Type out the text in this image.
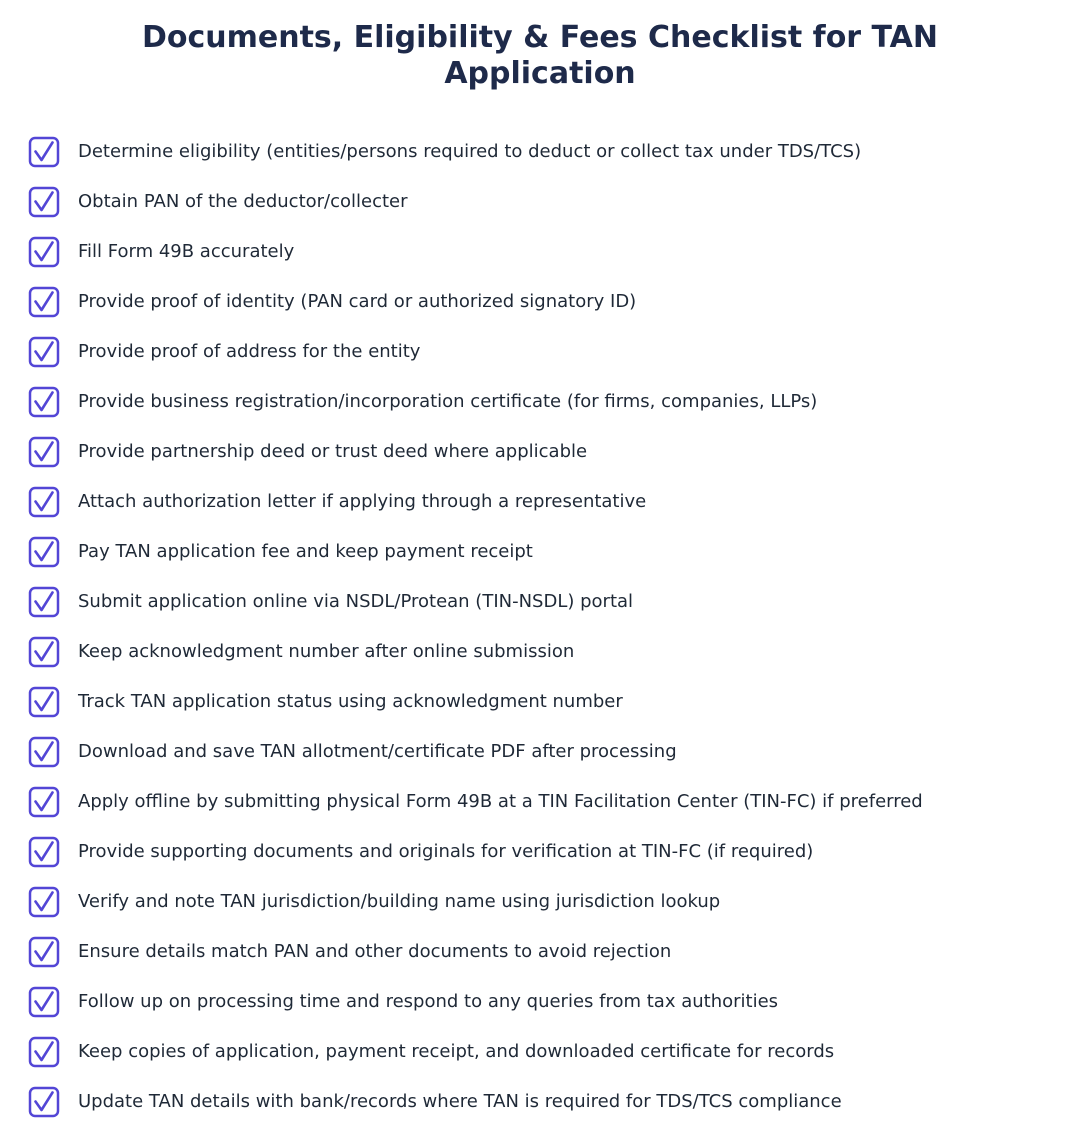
Documents, Eligibility & Fees Checklist for TAN Application
Determine eligibility (entities/persons required to deduct or collect tax under TDS/TCS)
Obtain PAN of the deductor/collecter
Fill Form 49B accurately
Provide proof of identity (PAN card or authorized signatory ID)
Provide proof of address for the entity
Provide business registration/incorporation certificate (for firms, companies, LLPs)
Provide partnership deed or trust deed where applicable
Attach authorization letter if applying through a representative
Pay TAN application fee and keep payment receipt
Submit application online via NSDL/Protean (TIN-NSDL) portal
Keep acknowledgment number after online submission
Track TAN application status using acknowledgment number
Download and save TAN allotment/certificate PDF after processing
Apply offline by submitting physical Form 49B at a TIN Facilitation Center (TIN-FC) if preferred
Provide supporting documents and originals for verification at TIN-FC (if required)
Verify and note TAN jurisdiction/building name using jurisdiction lookup
Ensure details match PAN and other documents to avoid rejection
Follow up on processing time and respond to any queries from tax authorities
Keep copies of application, payment receipt, and downloaded certificate for records
Update TAN details with bank/records where TAN is required for TDS/TCS compliance
